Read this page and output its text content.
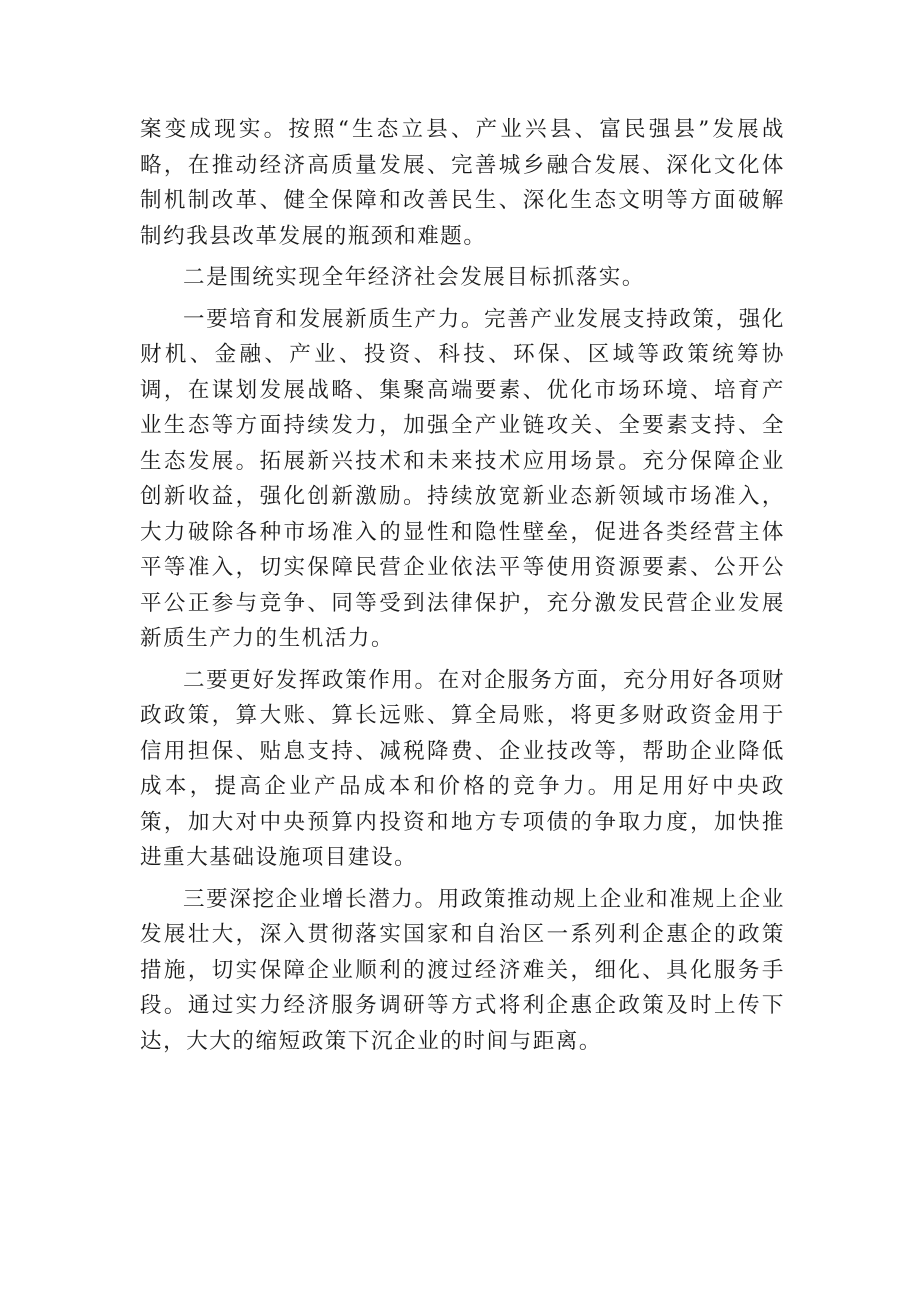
案变成现实。按照“生态立县、产业兴县、富民强县”发展战略，在推动经济高质量发展、完善城乡融合发展、深化文化体制机制改革、健全保障和改善民生、深化生态文明等方面破解制约我县改革发展的瓶颈和难题。

二是围统实现全年经济社会发展目标抓落实。

一要培育和发展新质生产力。完善产业发展支持政策，强化财机、金融、产业、投资、科技、环保、区域等政策统筹协调，在谋划发展战略、集聚高端要素、优化市场环境、培育产业生态等方面持续发力，加强全产业链攻关、全要素支持、全生态发展。拓展新兴技术和未来技术应用场景。充分保障企业创新收益，强化创新激励。持续放宽新业态新领域市场准入，大力破除各种市场准入的显性和隐性壁垒，促进各类经营主体平等准入，切实保障民营企业依法平等使用资源要素、公开公平公正参与竞争、同等受到法律保护，充分激发民营企业发展新质生产力的生机活力。

二要更好发挥政策作用。在对企服务方面，充分用好各项财政政策，算大账、算长远账、算全局账，将更多财政资金用于信用担保、贴息支持、减税降费、企业技改等，帮助企业降低成本，提高企业产品成本和价格的竞争力。用足用好中央政策，加大对中央预算内投资和地方专项债的争取力度，加快推进重大基础设施项目建设。

三要深挖企业增长潜力。用政策推动规上企业和准规上企业发展壮大，深入贯彻落实国家和自治区一系列利企惠企的政策措施，切实保障企业顺利的渡过经济难关，细化、具化服务手段。通过实力经济服务调研等方式将利企惠企政策及时上传下达，大大的缩短政策下沉企业的时间与距离。
